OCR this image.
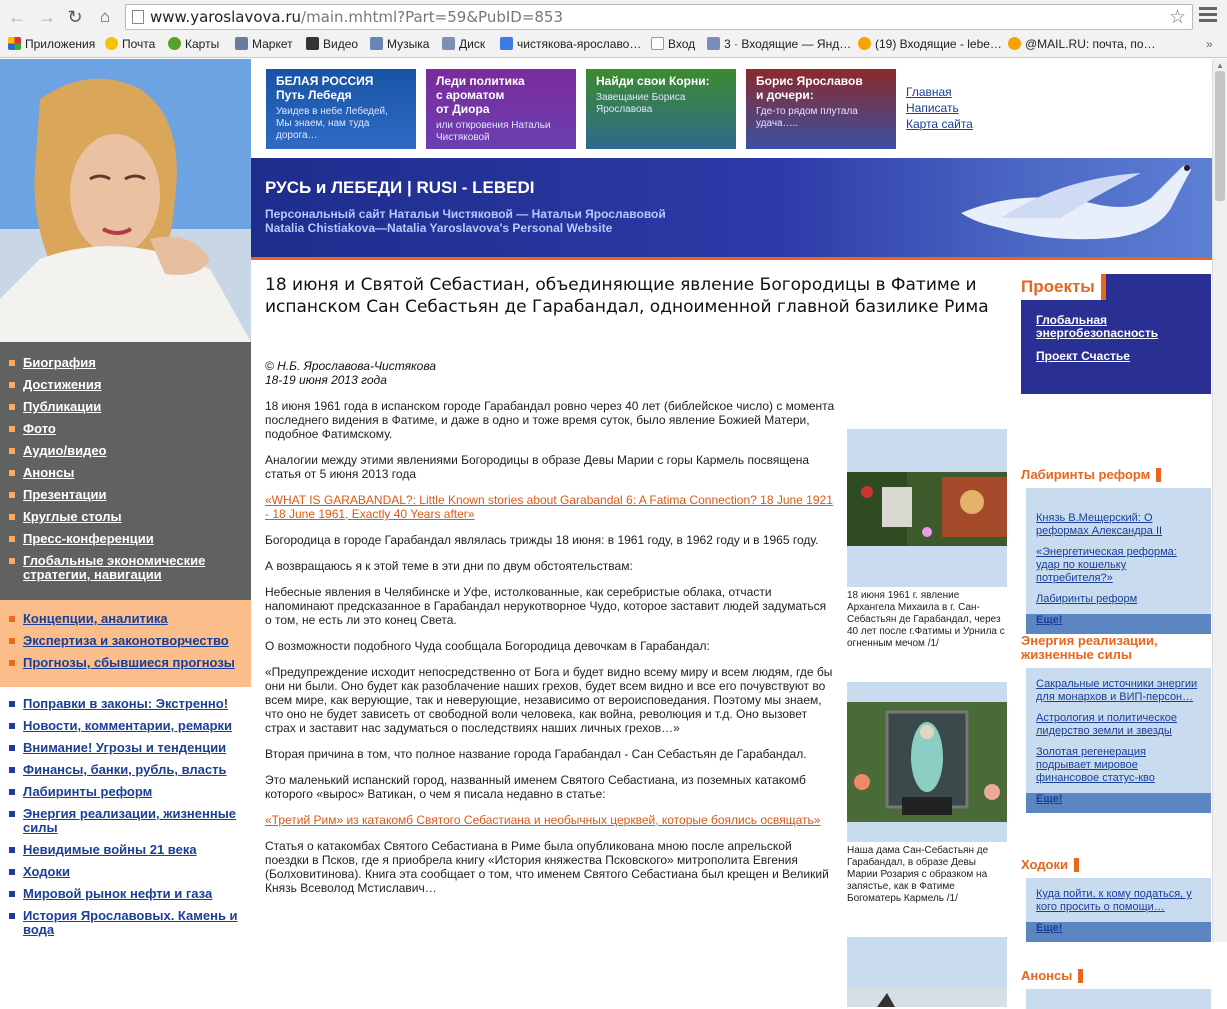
← → ↻	⌂	www.yaroslavova.ru/main.mhtml?Part=59&PubID=853	☆
Приложения	Почта	Карты	Маркет	Видео	Музыка	Диск	чистякова-ярославо…	Вход	3 · Входящие — Янд…	(19) Входящие - lebe…	@MAIL.RU: почта, по…	»
Биография
Достижения
Публикации
Фото
Аудио/видео
Анонсы
Презентации
Круглые столы
Пресс-конференции
Глобальные экономические стратегии, навигации
Концепции, аналитика
Экспертиза и законотворчество
Прогнозы, сбывшиеся прогнозы
Поправки в законы: Экстренно!
Новости, комментарии, ремарки
Внимание! Угрозы и тенденции
Финансы, банки, рубль, власть
Лабиринты реформ
Энергия реализации, жизненные силы
Невидимые войны 21 века
Ходоки
Мировой рынок нефти и газа
История Ярославовых. Камень и вода
БЕЛАЯ РОССИЯ
Путь Лебедя
Увидев в небе Лебедей, Мы знаем, нам туда дорога…
Леди политика
с ароматом
от Диора
или откровения Натальи Чистяковой
Найди свои Корни:
Завещание Бориса Ярославова
Борис Ярославов
и дочери:
Где-то рядом плутала удача…..
Главная
Написать
Карта сайта
РУСЬ и ЛЕБЕДИ | RUSI - LEBEDI
Персональный сайт Натальи Чистяковой — Натальи Ярославовой
Natalia Chistiakova—Natalia Yaroslavova's Personal Website
18 июня и Святой Себастиан, объединяющие явление Богородицы в Фатиме и испанском Сан Себастьян де Гарабандал, одноименной главной базилике Рима
© Н.Б. Ярославова-Чистякова
18-19 июня 2013 года

18 июня 1961 года в испанском городе Гарабандал ровно через 40 лет (библейское число) с момента последнего видения в Фатиме, и даже в одно и тоже время суток, было явление Божией Матери, подобное Фатимскому.

Аналогии между этими явлениями Богородицы в образе Девы Марии с горы Кармель посвящена статья от 5 июня 2013 года

«WHAT IS GARABANDAL?: Little Known stories about Garabandal 6: A Fatima Connection? 18 June 1921 - 18 June 1961, Exactly 40 Years after»

Богородица в городе Гарабандал являлась трижды 18 июня: в 1961 году, в 1962 году и в 1965 году.

А возвращаюсь я к этой теме в эти дни по двум обстоятельствам:

Небесные явления в Челябинске и Уфе, истолкованные, как серебристые облака, отчасти напоминают предсказанное в Гарабандал нерукотворное Чудо, которое заставит людей задуматься о том, не есть ли это конец Света.

О возможности подобного Чуда сообщала Богородица девочкам в Гарабандал:

«Предупреждение исходит непосредственно от Бога и будет видно всему миру и всем людям, где бы они ни были. Оно будет как разоблачение наших грехов, будет всем видно и все его почувствуют во всем мире, как верующие, так и неверующие, независимо от вероисповедания. Поэтому мы знаем, что оно не будет зависеть от свободной воли человека, как война, революция и т.д. Оно вызовет страх и заставит нас задуматься о последствиях наших личных грехов…»

Вторая причина в том, что полное название города Гарабандал - Сан Себастьян де Гарабандал.

Это маленький испанский город, названный именем Святого Себастиана, из поземных катакомб которого «вырос» Ватикан, о чем я писала недавно в статье:

«Третий Рим» из катакомб Святого Себастиана и необычных церквей, которые боялись освящать»

Статья о катакомбах Святого Себастиана в Риме была опубликована мною после апрельской поездки в Псков, где я приобрела книгу «История княжества Псковского» митрополита Евгения (Болховитинова). Книга эта сообщает о том, что именем Святого Себастиана был крещен и Великий Князь Всеволод Мстиславич…

18 июня 1961 г. явление Архангела Михаила в г. Сан-Себастьян де Гарабандал, через 40 лет после г.Фатимы и Урнила с огненным мечом /1/
Наша дама Сан-Себастьян де Гарабандал, в образе Девы Марии Розария с образком на запястье, как в Фатиме Богоматерь Кармель /1/
Проекты
Глобальная энергобезопасность
Проект Счастье
Лабиринты реформ
Князь В.Мещерский: О реформах Александра II
«Энергетическая реформа: удар по кошельку потребителя?»
Лабиринты реформ
Еще!
Энергия реализации, жизненные силы
Сакральные источники энергии для монархов и ВИП-персон…
Астрология и политическое лидерство земли и звезды
Золотая регенерация подрывает мировое финансовое статус-кво
Еще!
Ходоки
Куда пойти, к кому податься, у кого просить о помощи…
Еще!
Анонсы
▲
